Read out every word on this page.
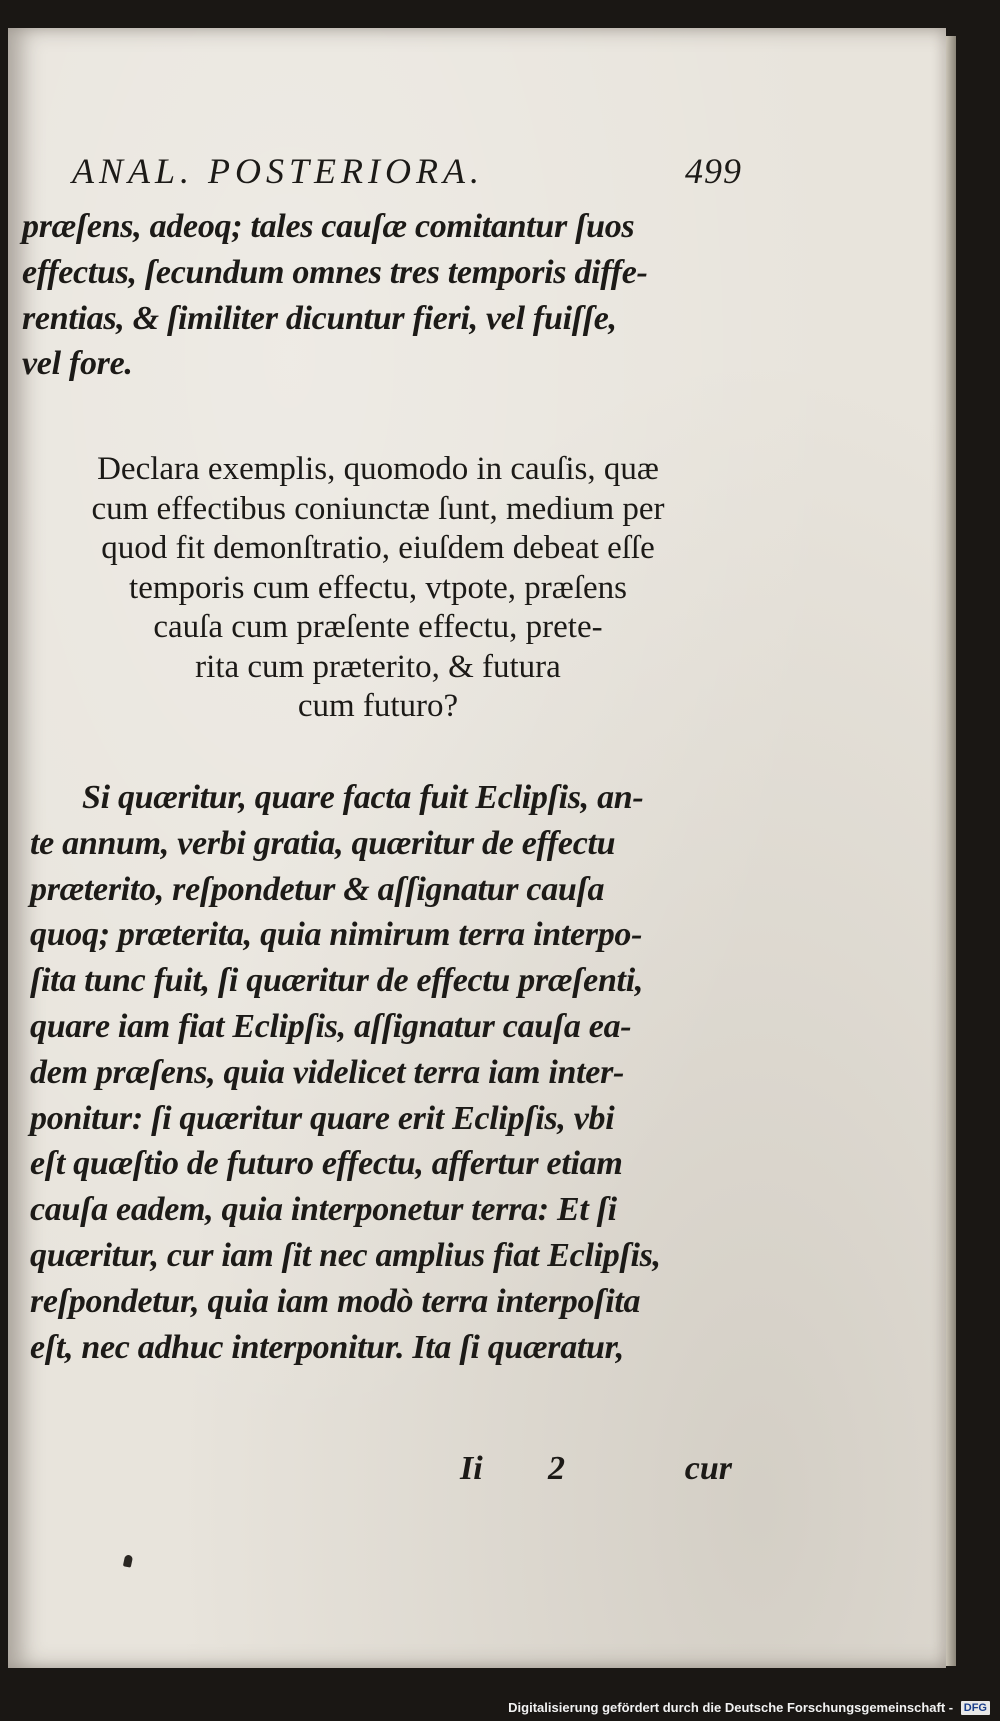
ANAL. POSTERIORA.	499
præſens, adeoq; tales cauſæ comitantur ſuos
effectus, ſecundum omnes tres temporis diffe-
rentias, & ſimiliter dicuntur fieri, vel fuiſſe,
vel fore.
Declara exemplis, quomodo in cauſis, quæ
cum effectibus coniunctæ ſunt, medium per
quod fit demonſtratio, eiuſdem debeat eſſe
temporis cum effectu, vtpote, præſens
cauſa cum præſente effectu, prete-
rita cum præterito, & futura
cum futuro?
Si quæritur, quare facta fuit Eclipſis, an-
te annum, verbi gratia, quæritur de effectu
præterito, reſpondetur & aſſignatur cauſa
quoq; præterita, quia nimirum terra interpo-
ſita tunc fuit, ſi quæritur de effectu præſenti,
quare iam fiat Eclipſis, aſſignatur cauſa ea-
dem præſens, quia videlicet terra iam inter-
ponitur: ſi quæritur quare erit Eclipſis, vbi
eſt quæſtio de futuro effectu, affertur etiam
cauſa eadem, quia interponetur terra: Et ſi
quæritur, cur iam ſit nec amplius fiat Eclipſis,
reſpondetur, quia iam modò terra interpoſita
eſt, nec adhuc interponitur. Ita ſi quæratur,
Ii 2	cur
Digitalisierung gefördert durch die Deutsche Forschungsgemeinschaft - DFG
